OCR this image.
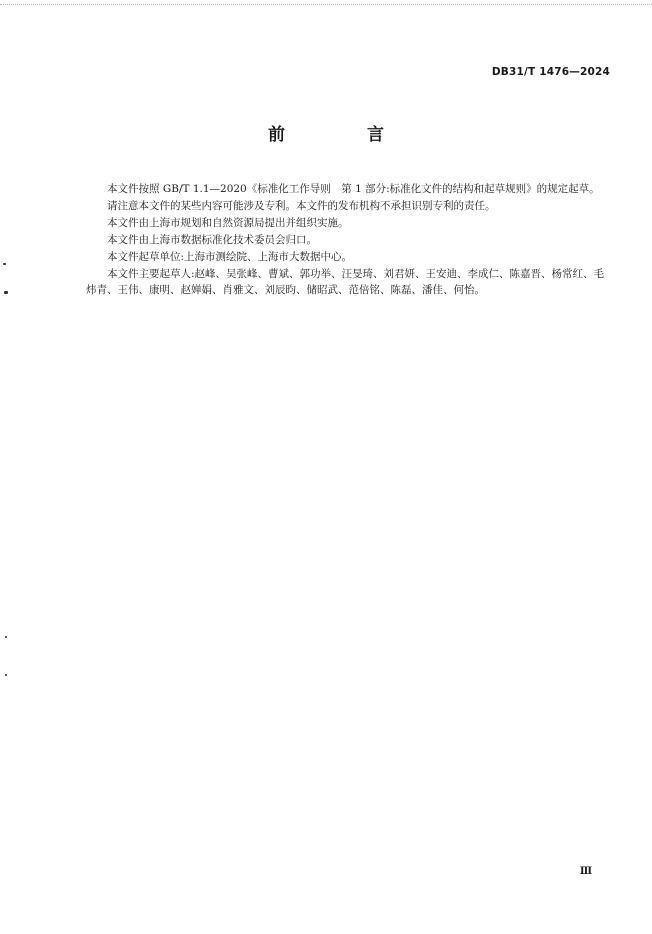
DB31/T 1476—2024
前 言

本文件按照 GB/T 1.1—2020《标准化工作导则　第 1 部分:标准化文件的结构和起草规则》的规定起草。

请注意本文件的某些内容可能涉及专利。本文件的发布机构不承担识别专利的责任。

本文件由上海市规划和自然资源局提出并组织实施。

本文件由上海市数据标准化技术委员会归口。

本文件起草单位:上海市测绘院、上海市大数据中心。

本文件主要起草人:赵峰、吴张峰、曹斌、郭功举、汪旻琦、刘君妍、王安迪、李成仁、陈嘉晋、杨常红、毛炜青、王伟、康明、赵婵娟、肖雅文、刘辰昀、储昭武、范倍铭、陈磊、潘佳、何怡。

Ⅲ
